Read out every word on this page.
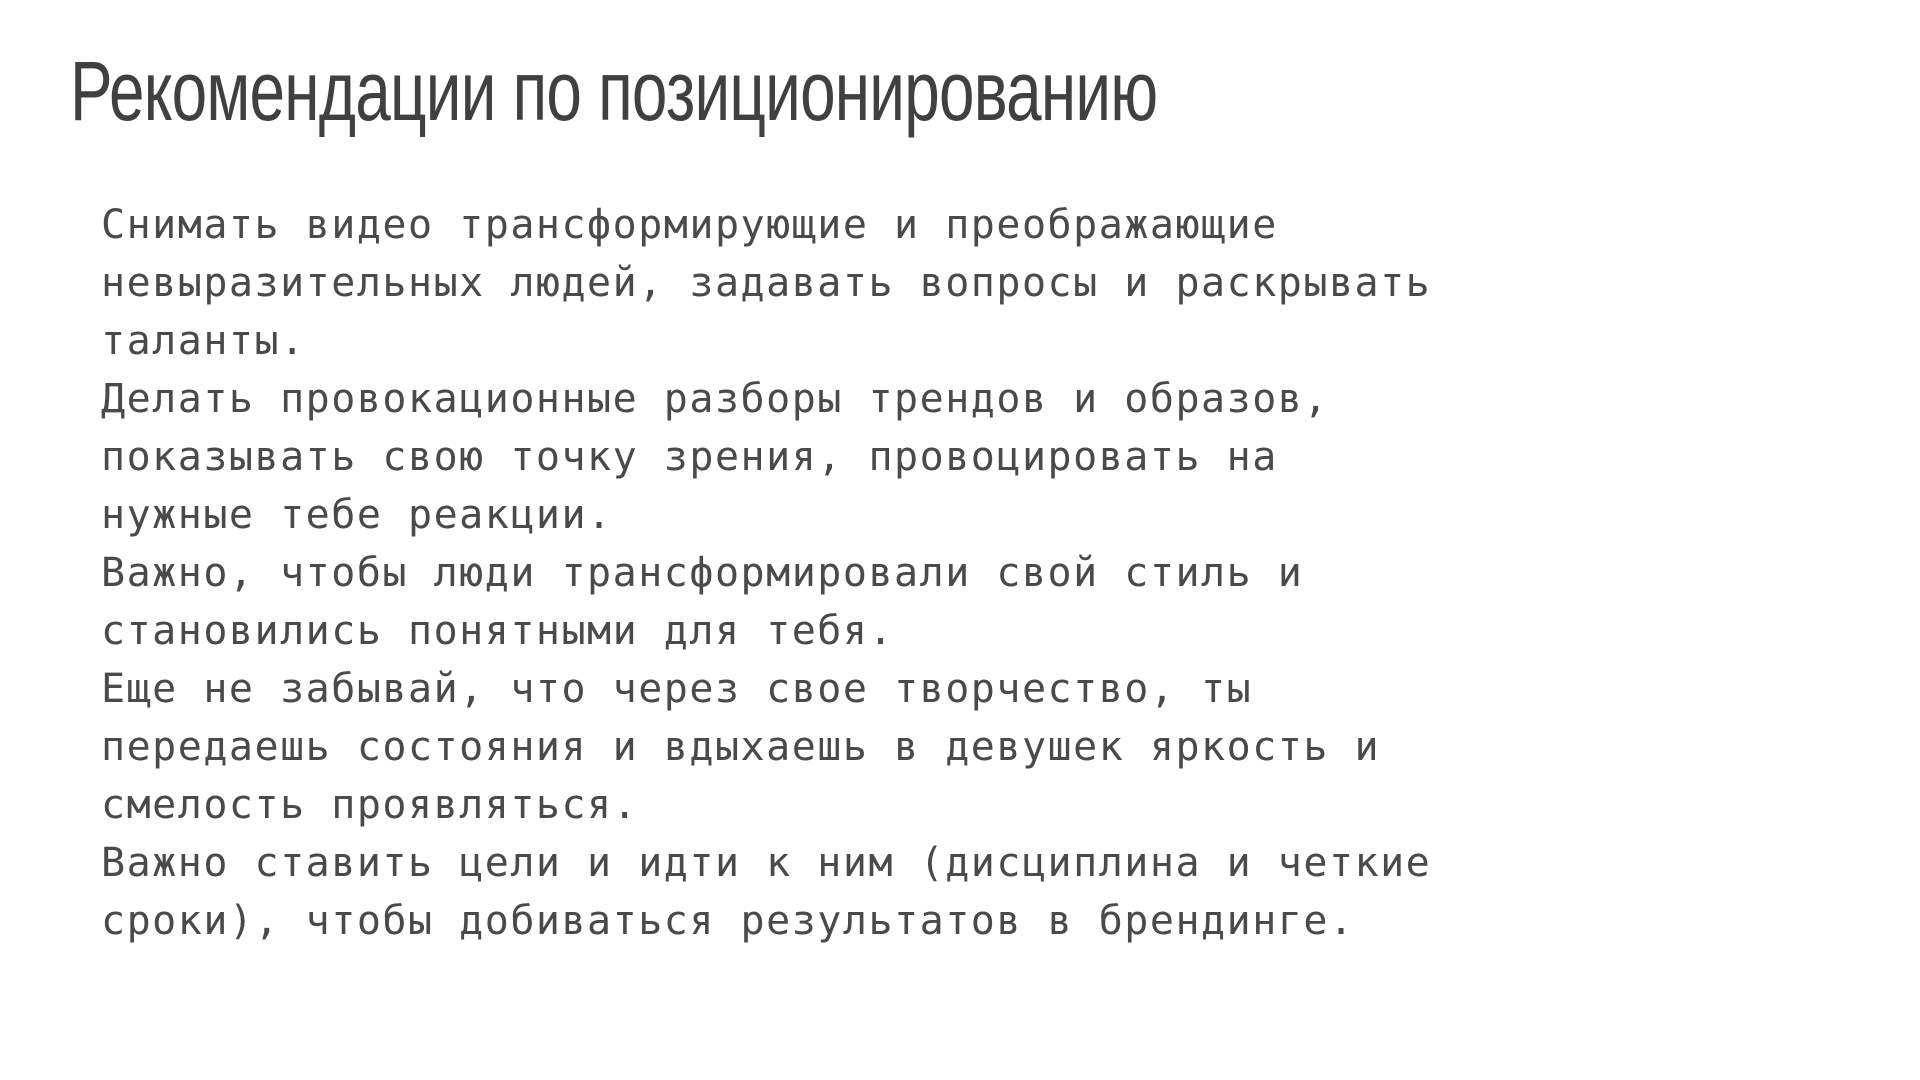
Рекомендации по позиционированию
Снимать видео трансформирующие и преображающие
невыразительных людей, задавать вопросы и раскрывать
таланты.
Делать провокационные разборы трендов и образов,
показывать свою точку зрения, провоцировать на
нужные тебе реакции.
Важно, чтобы люди трансформировали свой стиль и
становились понятными для тебя.
Еще не забывай, что через свое творчество, ты
передаешь состояния и вдыхаешь в девушек яркость и
смелость проявляться.
Важно ставить цели и идти к ним (дисциплина и четкие
сроки), чтобы добиваться результатов в брендинге.
